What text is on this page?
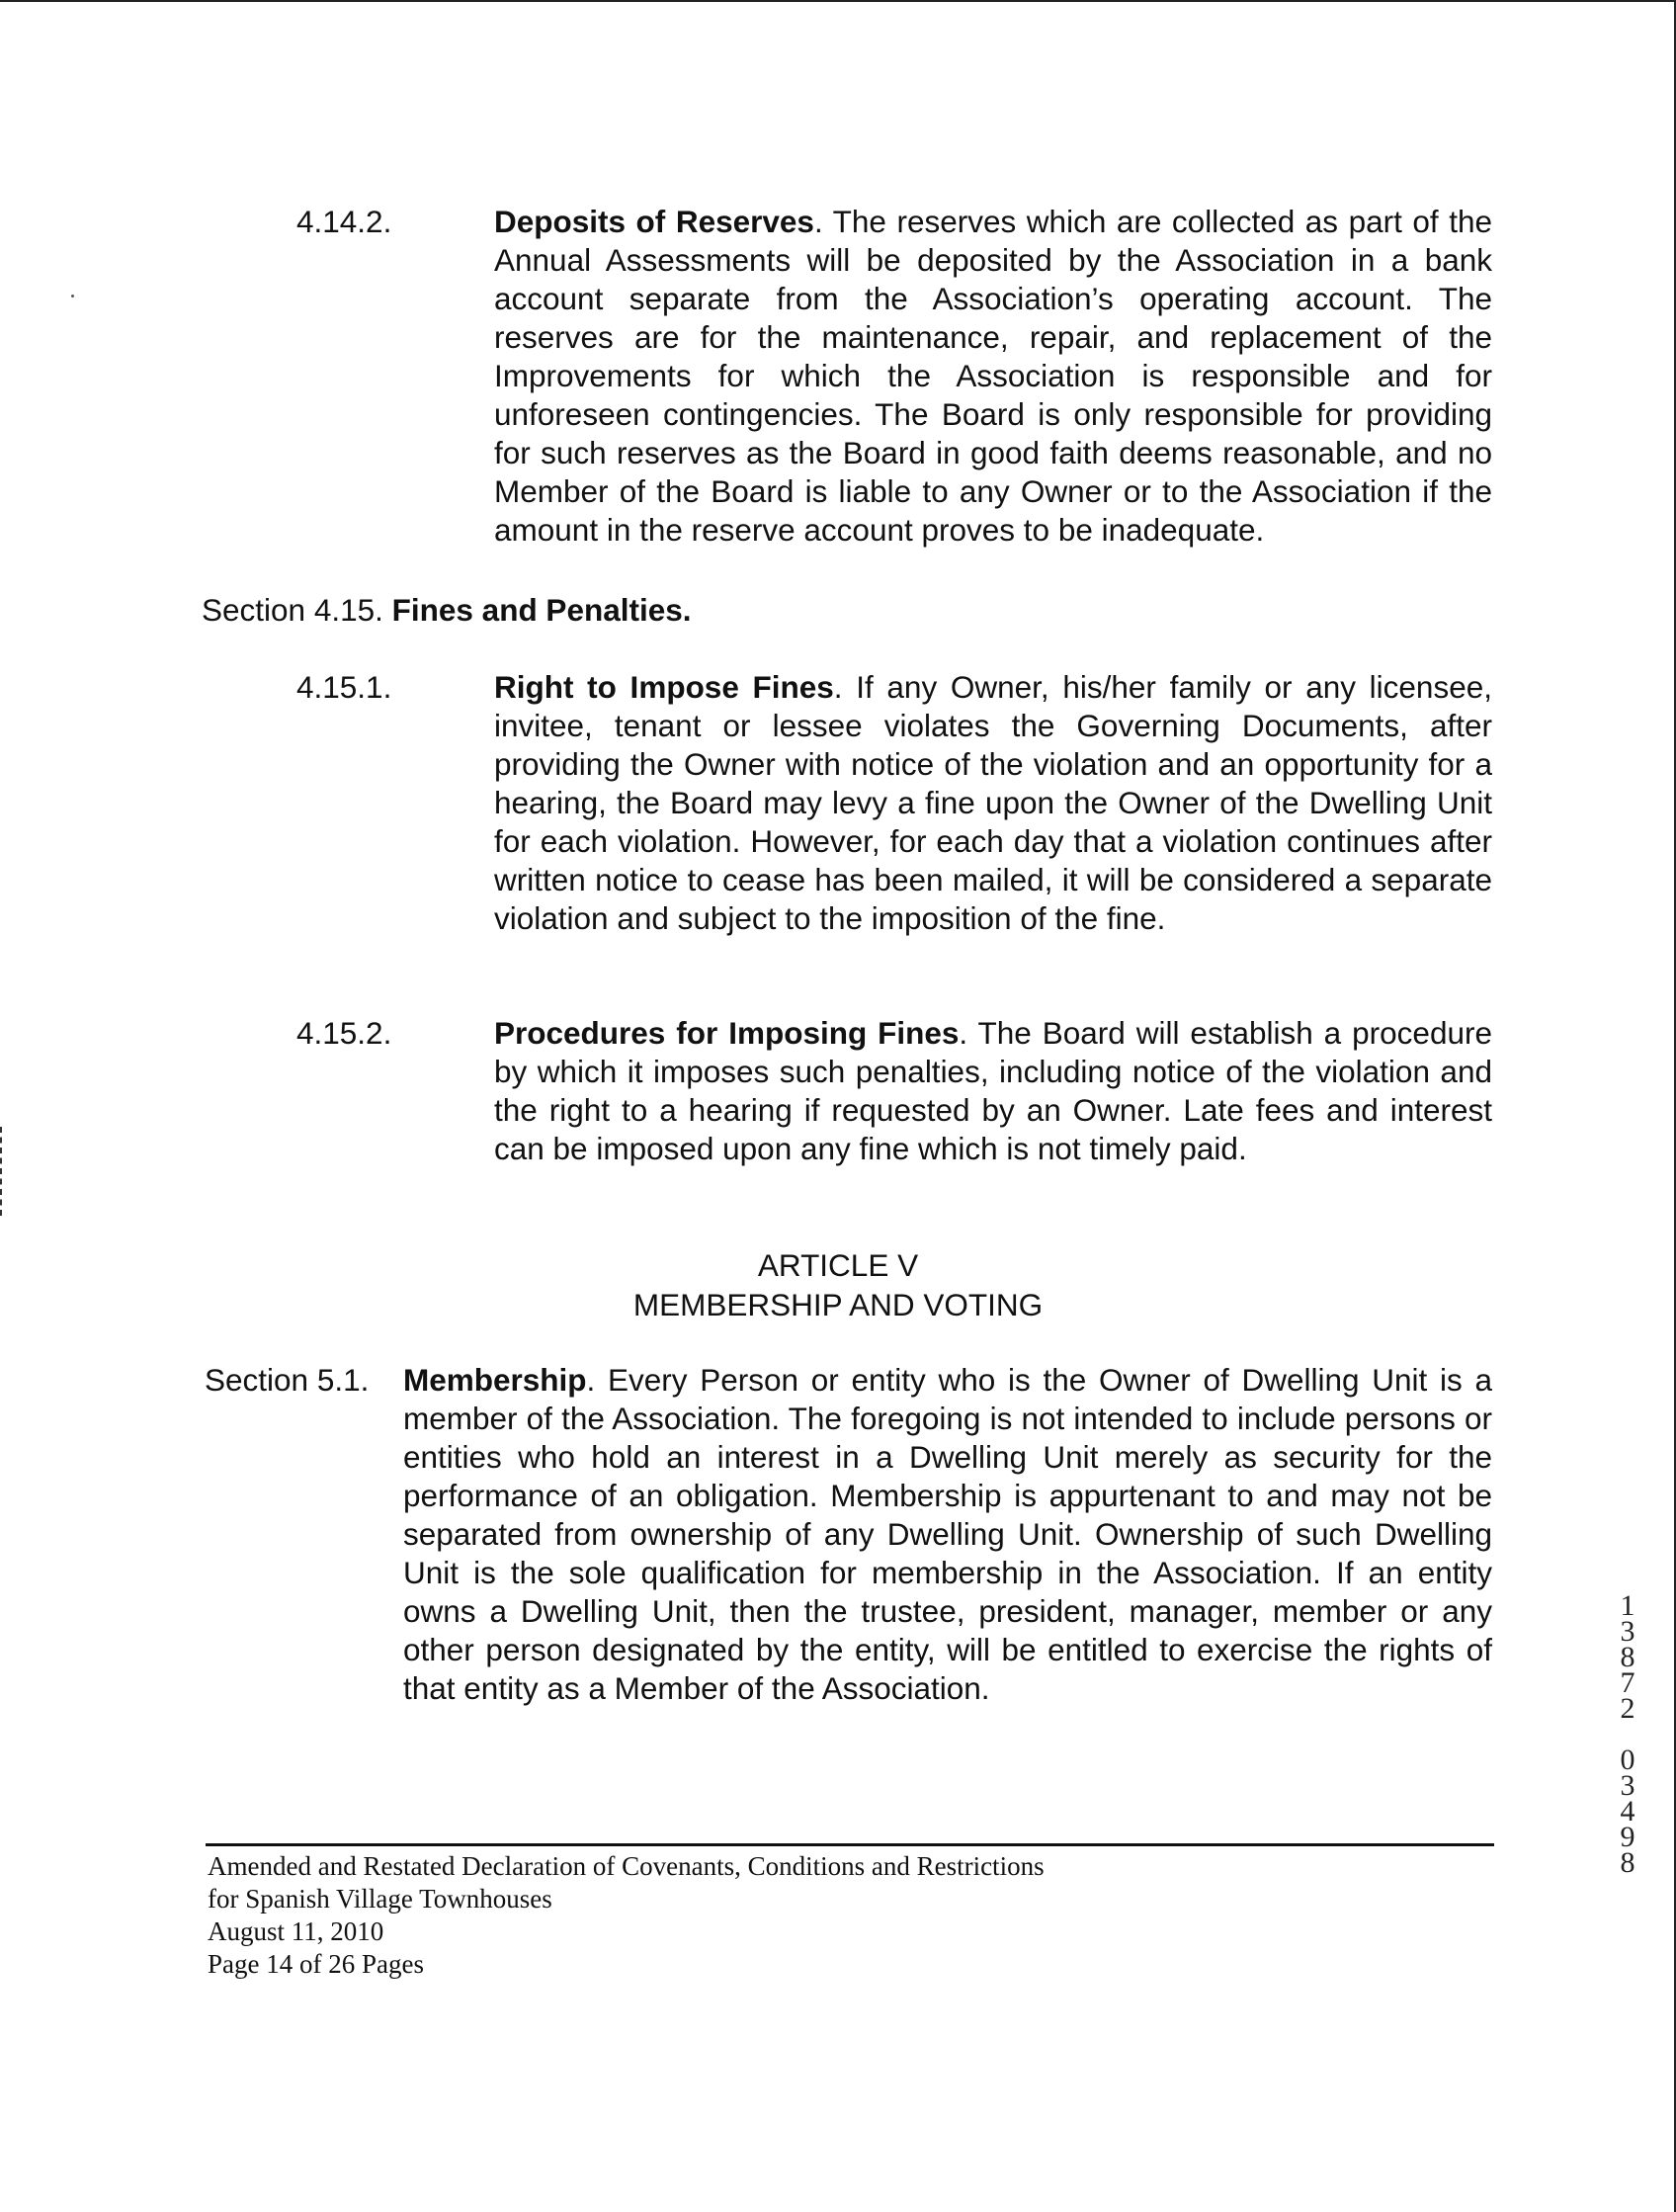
4.14.2.	Deposits of Reserves. The reserves which are collected as part of the Annual Assessments will be deposited by the Association in a bank account separate from the Association’s operating account. The reserves are for the maintenance, repair, and replacement of the Improvements for which the Association is responsible and for unforeseen contingencies. The Board is only responsible for providing for such reserves as the Board in good faith deems reasonable, and no Member of the Board is liable to any Owner or to the Association if the amount in the reserve account proves to be inadequate.
Section 4.15. Fines and Penalties.
4.15.1.	Right to Impose Fines. If any Owner, his/her family or any licensee, invitee, tenant or lessee violates the Governing Documents, after providing the Owner with notice of the violation and an opportunity for a hearing, the Board may levy a fine upon the Owner of the Dwelling Unit for each violation. However, for each day that a violation continues after written notice to cease has been mailed, it will be considered a separate violation and subject to the imposition of the fine.
4.15.2.	Procedures for Imposing Fines. The Board will establish a procedure by which it imposes such penalties, including notice of the violation and the right to a hearing if requested by an Owner. Late fees and interest can be imposed upon any fine which is not timely paid.
ARTICLE V
MEMBERSHIP AND VOTING
Section 5.1. Membership. Every Person or entity who is the Owner of Dwelling Unit is a member of the Association. The foregoing is not intended to include persons or entities who hold an interest in a Dwelling Unit merely as security for the performance of an obligation. Membership is appurtenant to and may not be separated from ownership of any Dwelling Unit. Ownership of such Dwelling Unit is the sole qualification for membership in the Association. If an entity owns a Dwelling Unit, then the trustee, president, manager, member or any other person designated by the entity, will be entitled to exercise the rights of that entity as a Member of the Association.
Amended and Restated Declaration of Covenants, Conditions and Restrictions
for Spanish Village Townhouses
August 11, 2010
Page 14 of 26 Pages
1
3
8
7
2

0
3
4
9
8
